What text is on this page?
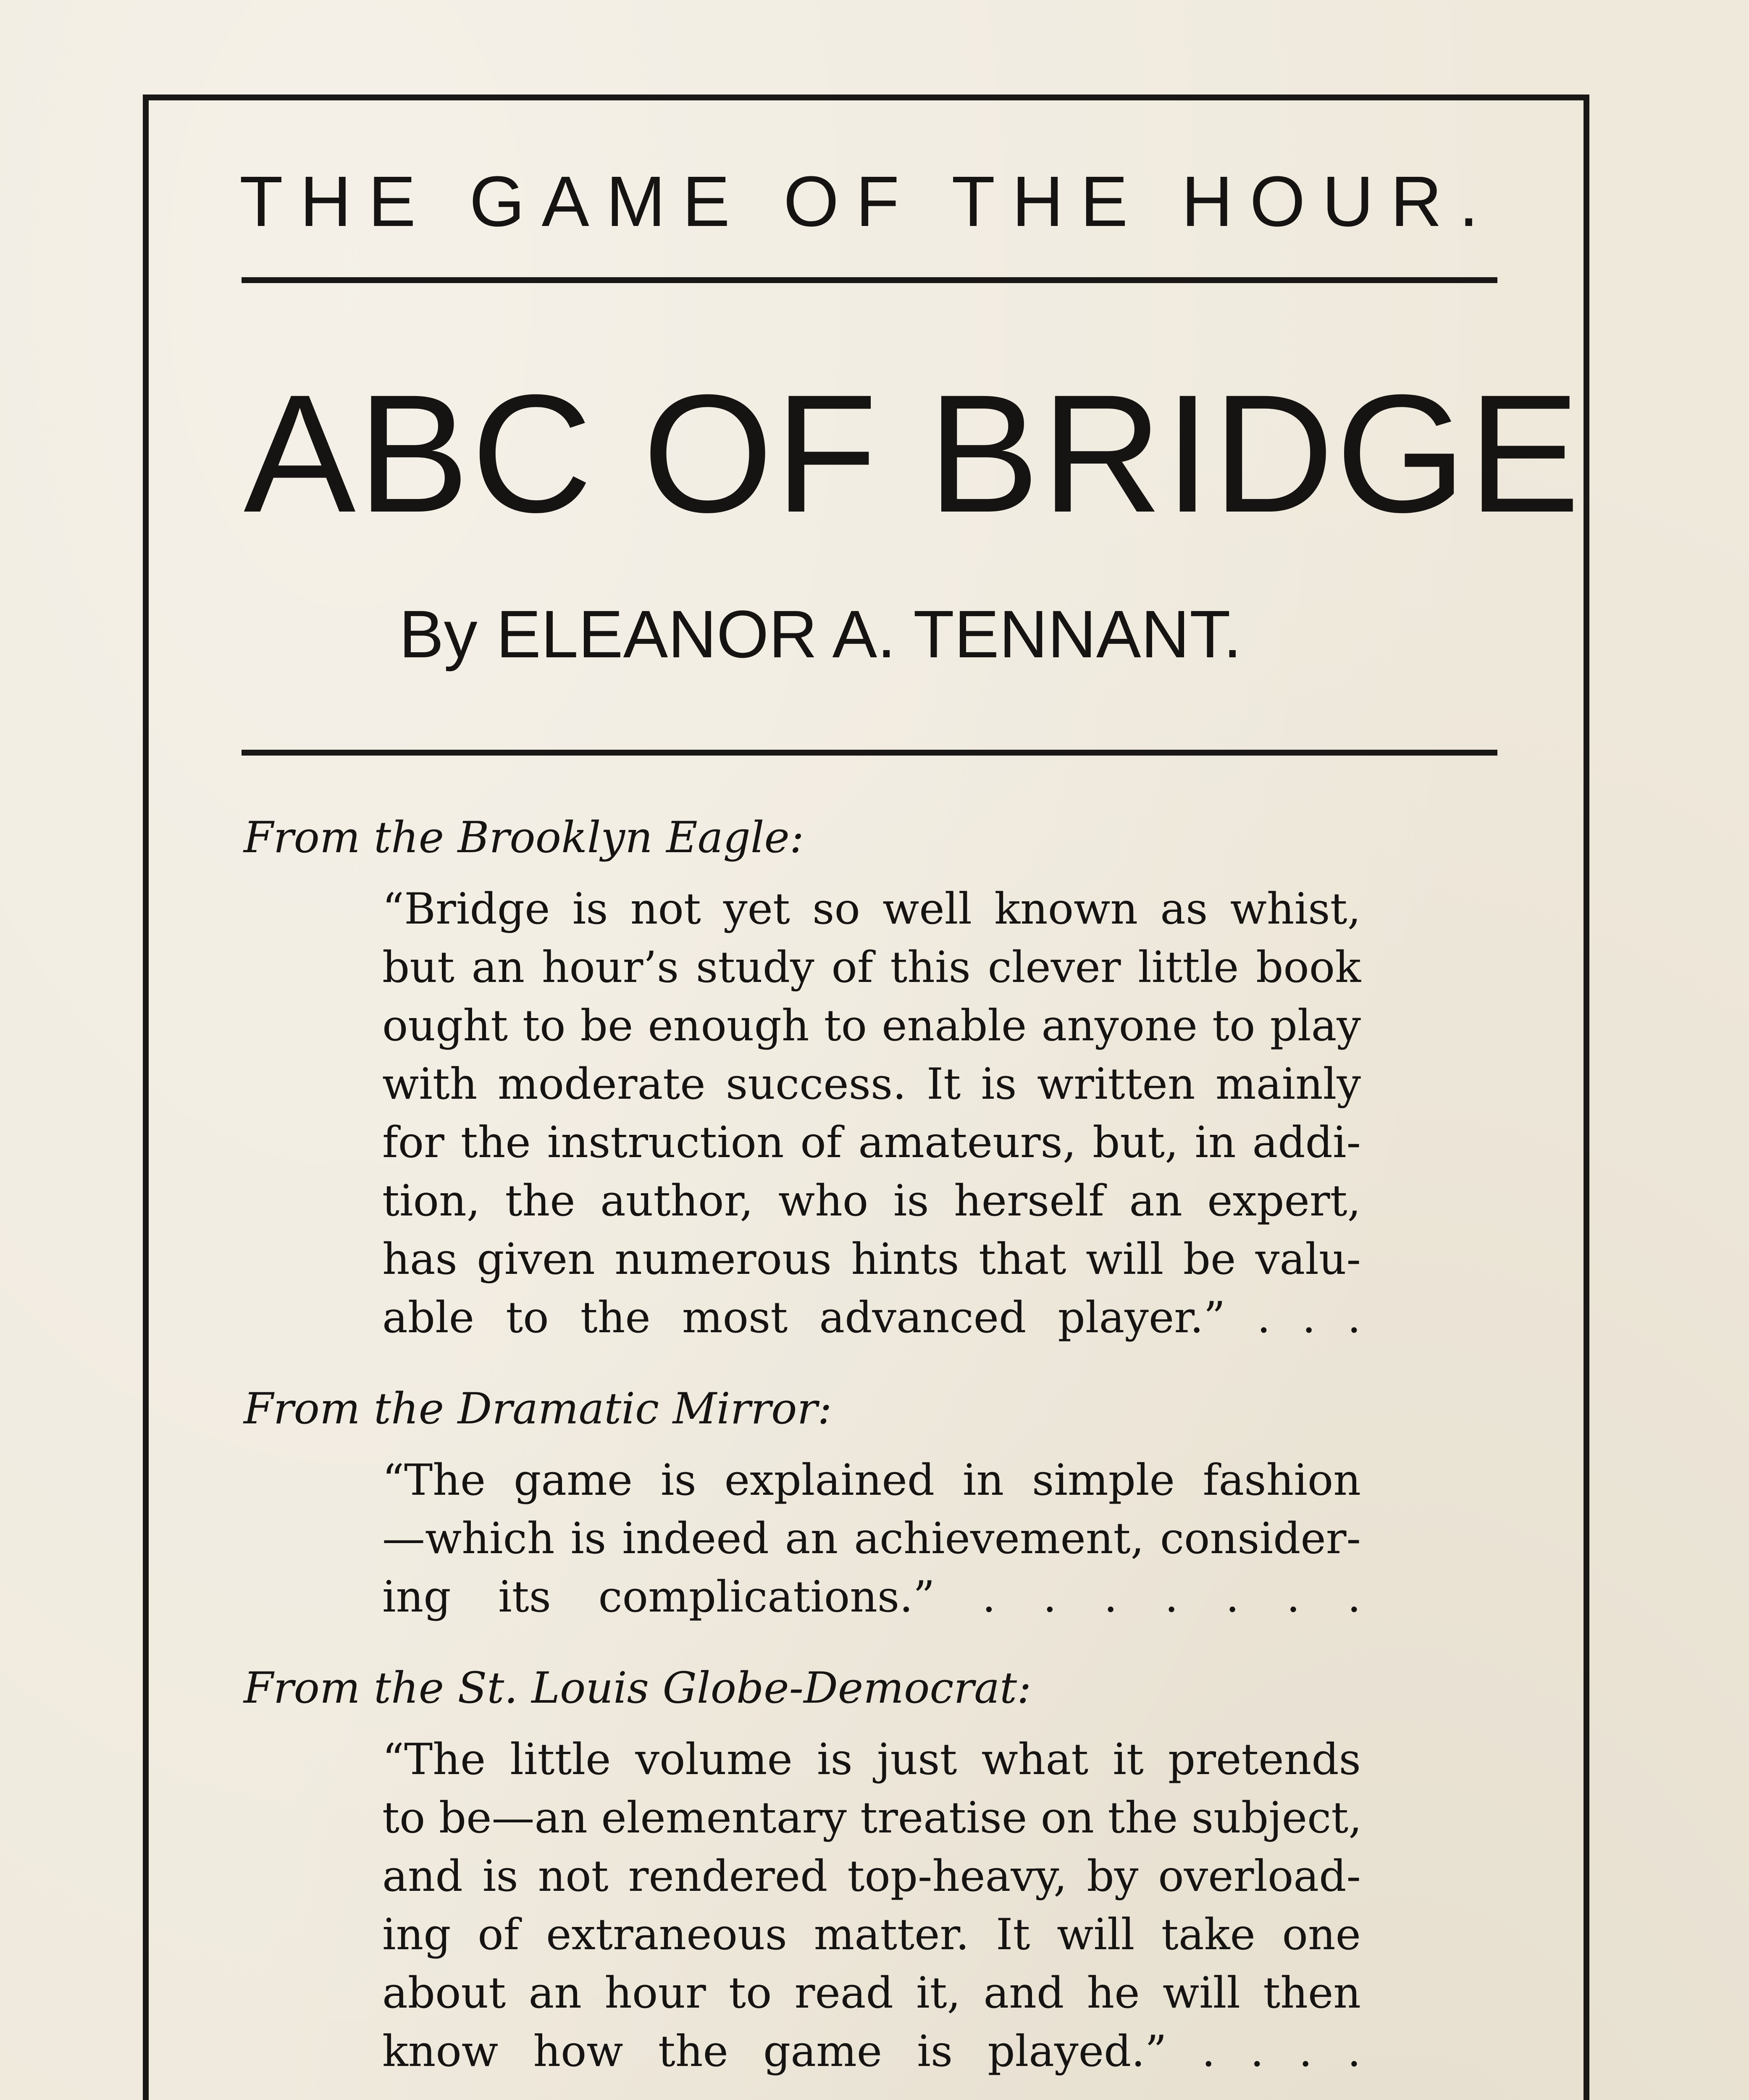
THE GAME OF THE HOUR.
ABC OF BRIDGE
By ELEANOR A. TENNANT.
From the Brooklyn Eagle:
“Bridge is not yet so well known as whist,
but an hour’s study of this clever little book
ought to be enough to enable anyone to play
with moderate success. It is written mainly
for the instruction of amateurs, but, in addi-
tion, the author, who is herself an expert,
has given numerous hints that will be valu-
able to the most advanced player.” . . .
From the Dramatic Mirror:
“The game is explained in simple fashion
—which is indeed an achievement, consider-
ing its complications.” . . . . . . .
From the St. Louis Globe-Democrat:
“The little volume is just what it pretends
to be—an elementary treatise on the subject,
and is not rendered top-heavy, by overload-
ing of extraneous matter. It will take one
about an hour to read it, and he will then
know how the game is played.” . . . .
